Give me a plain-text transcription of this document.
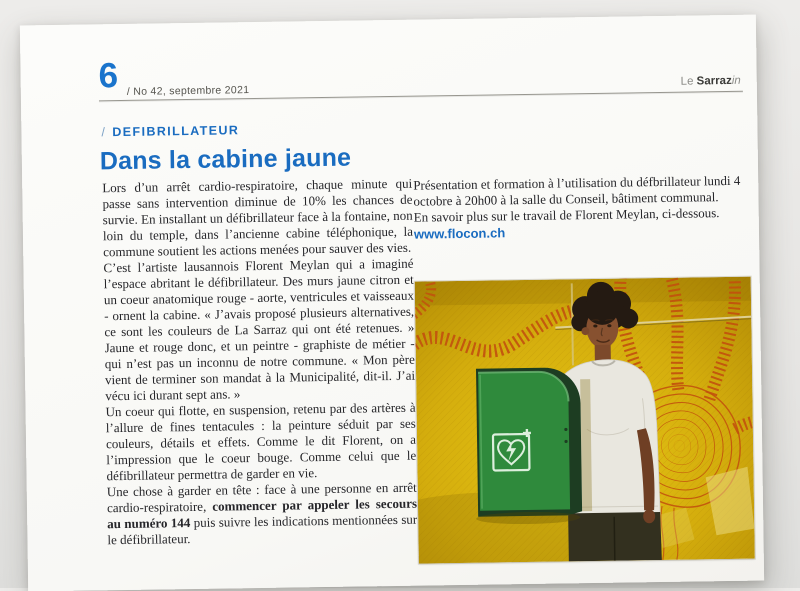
6 / No 42, septembre 2021
Le Sarrazin
/ DEFIBRILLATEUR
Dans la cabine jaune

Lors d’un arrêt cardio-respiratoire, chaque minute qui passe sans intervention diminue de 10% les chances de survie. En installant un défibrillateur face à la fontaine, non loin du temple, dans l’ancienne cabine téléphonique, la commune soutient les actions menées pour sauver des vies.

C’est l’artiste lausannois Florent Meylan qui a imaginé l’espace abritant le défibrillateur. Des murs jaune citron et un coeur anatomique rouge - aorte, ventricules et vaisseaux - ornent la cabine. « J’avais proposé plusieurs alternatives, ce sont les couleurs de La Sarraz qui ont été retenues. » Jaune et rouge donc, et un peintre - graphiste de métier - qui n’est pas un inconnu de notre commune. « Mon père vient de terminer son mandat à la Municipalité, dit-il. J’ai vécu ici durant sept ans. »

Un coeur qui flotte, en suspension, retenu par des artères à l’allure de fines tentacules : la peinture séduit par ses couleurs, détails et effets. Comme le dit Florent, on a l’impression que le coeur bouge. Comme celui que le défibrillateur permettra de garder en vie.

Une chose à garder en tête : face à une personne en arrêt cardio-respiratoire, commencer par appeler les secours au numéro 144 puis suivre les indications mentionnées sur le défibrillateur.

Présentation et formation à l’utilisation du défbrillateur lundi 4 octobre à 20h00 à la salle du Conseil, bâtiment communal.

En savoir plus sur le travail de Florent Meylan, ci-dessous.

www.flocon.ch
